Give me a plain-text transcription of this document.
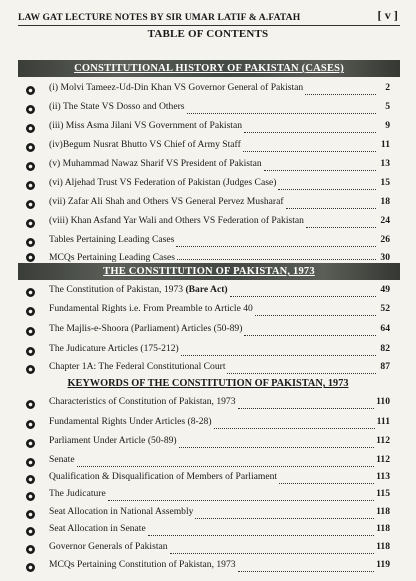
LAW GAT LECTURE NOTES BY SIR UMAR LATIF & A.FATAH	[ v ]
TABLE OF CONTENTS
CONSTITUTIONAL HISTORY OF PAKISTAN (CASES)
(i) Molvi Tameez-Ud-Din Khan VS Governor General of Pakistan	2
(ii) The State VS Dosso and Others	5
(iii) Miss Asma Jilani VS Government of Pakistan	9
(iv)Begum Nusrat Bhutto VS Chief of Army Staff	11
(v) Muhammad Nawaz Sharif VS President of Pakistan	13
(vi) Aljehad Trust VS Federation of Pakistan (Judges Case)	15
(vii) Zafar Ali Shah and Others VS General Pervez Musharaf	18
(viii) Khan Asfand Yar Wali and Others VS Federation of Pakistan	24
Tables Pertaining Leading Cases	26
MCQs Pertaining Leading Cases	30
THE CONSTITUTION OF PAKISTAN, 1973
The Constitution of Pakistan, 1973 (Bare Act)	49
Fundamental Rights i.e. From Preamble to Article 40	52
The Majlis-e-Shoora (Parliament) Articles (50-89)	64
The Judicature Articles (175-212)	82
Chapter 1A: The Federal Constitutional Court	87
KEYWORDS OF THE CONSTITUTION OF PAKISTAN, 1973
Characteristics of Constitution of Pakistan, 1973	110
Fundamental Rights Under Articles (8-28)	111
Parliament Under Article (50-89)	112
Senate	112
Qualification & Disqualification of Members of Parliament	113
The Judicature	115
Seat Allocation in National Assembly	118
Seat Allocation in Senate	118
Governor Generals of Pakistan	118
MCQs Pertaining Constitution of Pakistan, 1973	119
